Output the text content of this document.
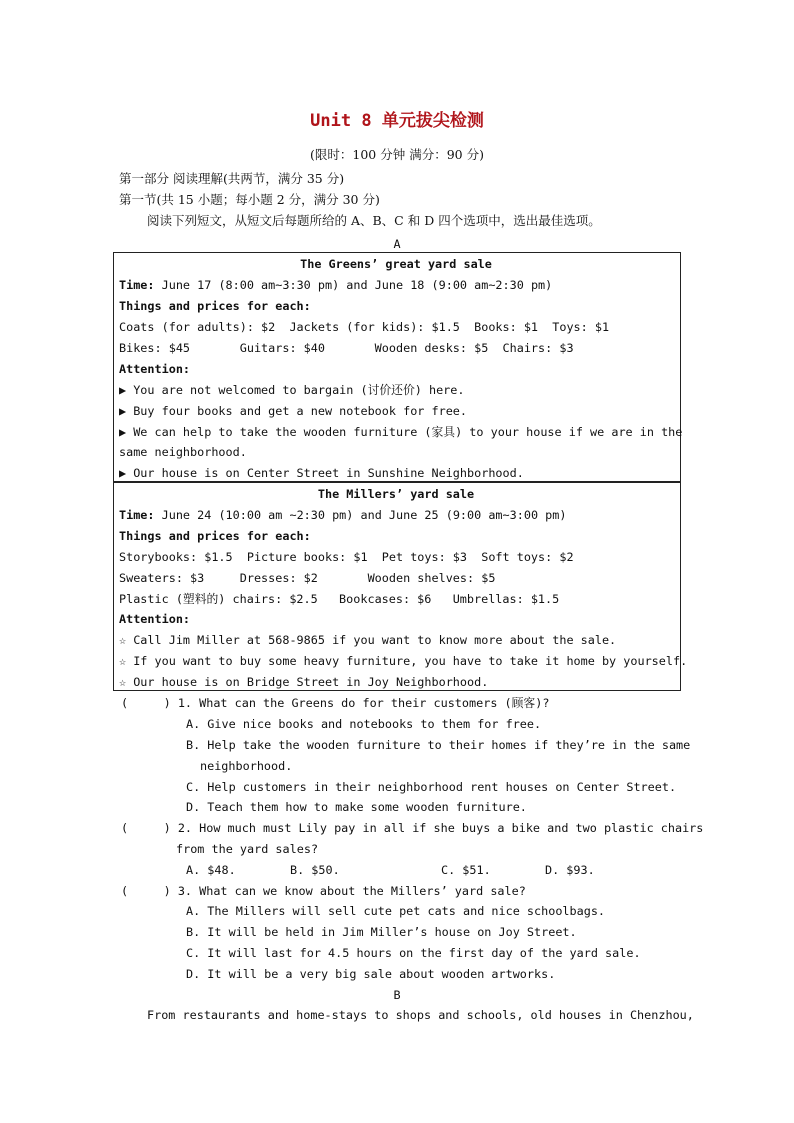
Unit 8 单元拔尖检测
(限时：100 分钟 满分：90 分)
第一部分 阅读理解(共两节，满分 35 分)
第一节(共 15 小题；每小题 2 分，满分 30 分)
阅读下列短文，从短文后每题所给的 A、B、C 和 D 四个选项中，选出最佳选项。
A
The Greens’ great yard sale
Time: June 17 (8:00 am~3:30 pm) and June 18 (9:00 am~2:30 pm)
Things and prices for each:
Coats (for adults): $2  Jackets (for kids): $1.5  Books: $1  Toys: $1
Bikes: $45       Guitars: $40       Wooden desks: $5  Chairs: $3
Attention:
▶ You are not welcomed to bargain (讨价还价) here.
▶ Buy four books and get a new notebook for free.
▶ We can help to take the wooden furniture (家具) to your house if we are in the
same neighborhood.
▶ Our house is on Center Street in Sunshine Neighborhood.
The Millers’ yard sale
Time: June 24 (10:00 am ~2:30 pm) and June 25 (9:00 am~3:00 pm)
Things and prices for each:
Storybooks: $1.5  Picture books: $1  Pet toys: $3  Soft toys: $2
Sweaters: $3     Dresses: $2       Wooden shelves: $5
Plastic (塑料的) chairs: $2.5   Bookcases: $6   Umbrellas: $1.5
Attention:
☆ Call Jim Miller at 568-9865 if you want to know more about the sale.
☆ If you want to buy some heavy furniture, you have to take it home by yourself.
☆ Our house is on Bridge Street in Joy Neighborhood.
(     ) 1. What can the Greens do for their customers (顾客)?
A. Give nice books and notebooks to them for free.
B. Help take the wooden furniture to their homes if they’re in the same
neighborhood.
C. Help customers in their neighborhood rent houses on Center Street.
D. Teach them how to make some wooden furniture.
(     ) 2. How much must Lily pay in all if she buys a bike and two plastic chairs
from the yard sales?
A. $48.	B. $50.	C. $51.	D. $93.
(     ) 3. What can we know about the Millers’ yard sale?
A. The Millers will sell cute pet cats and nice schoolbags.
B. It will be held in Jim Miller’s house on Joy Street.
C. It will last for 4.5 hours on the first day of the yard sale.
D. It will be a very big sale about wooden artworks.
B
From restaurants and home-stays to shops and schools, old houses in Chenzhou,
